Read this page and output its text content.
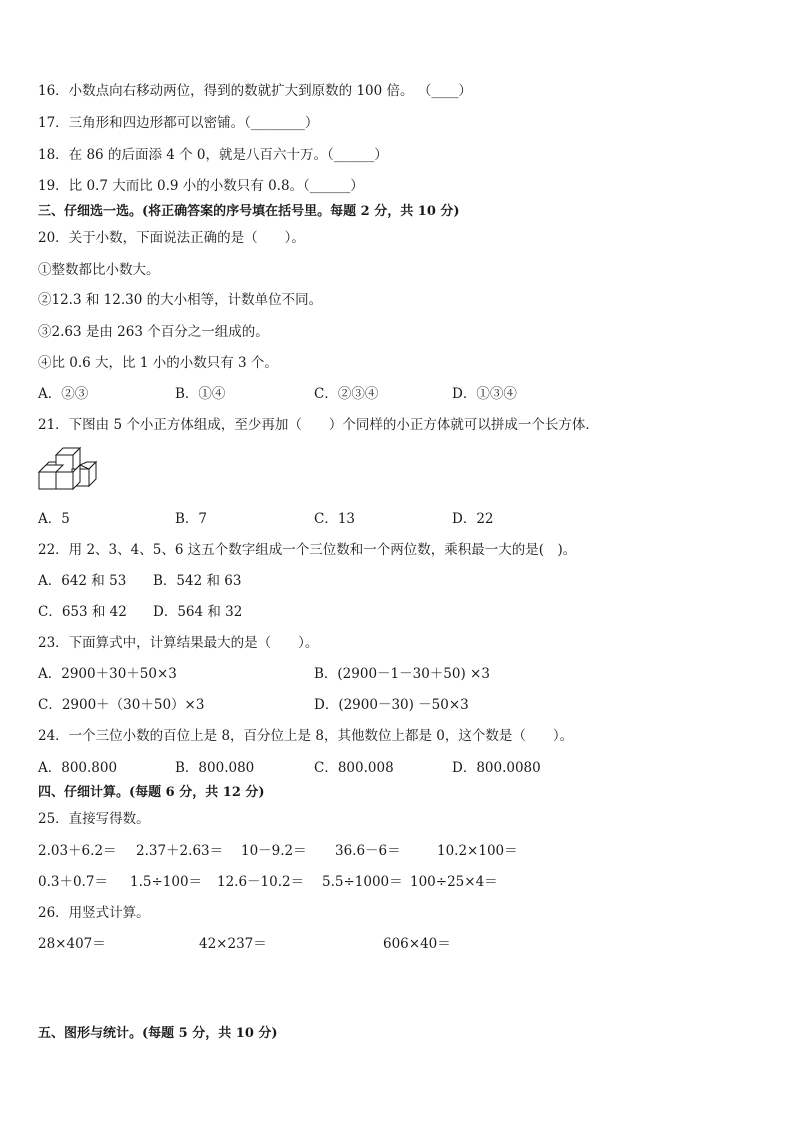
16．小数点向右移动两位，得到的数就扩大到原数的 100 倍。 （____）
17．三角形和四边形都可以密铺。（________）
18．在 86 的后面添 4 个 0，就是八百六十万。（______）
19．比 0.7 大而比 0.9 小的小数只有 0.8。（______）
三、仔细选一选。(将正确答案的序号填在括号里。每题 2 分，共 10 分)
20．关于小数，下面说法正确的是（　　）。
①整数都比小数大。
②12.3 和 12.30 的大小相等，计数单位不同。
③2.63 是由 263 个百分之一组成的。
④比 0.6 大，比 1 小的小数只有 3 个。
A．②③	B．①④	C．②③④	D．①③④
21．下图由 5 个小正方体组成，至少再加（　　）个同样的小正方体就可以拼成一个长方体．
A．5	B．7	C．13	D．22
22．用 2、3、4、5、6 这五个数字组成一个三位数和一个两位数，乘积最一大的是(　)。
A．642 和 53 B．542 和 63
C．653 和 42 D．564 和 32
23．下面算式中，计算结果最大的是（　　）。
A．2900＋30＋50×3	B．(2900－1－30＋50) ×3
C．2900＋（30＋50）×3	D．(2900－30) －50×3
24．一个三位小数的百位上是 8，百分位上是 8，其他数位上都是 0，这个数是（　　）。
A．800.800	B．800.080	C．800.008	D．800.0080
四、仔细计算。(每题 6 分，共 12 分)
25．直接写得数。
2.03＋6.2＝ 2.37＋2.63＝ 10－9.2＝ 36.6－6＝	10.2×100＝
0.3＋0.7＝ 1.5÷100＝ 12.6－10.2＝ 5.5÷1000＝ 100÷25×4＝
26．用竖式计算。
28×407＝	42×237＝	606×40＝
五、图形与统计。(每题 5 分，共 10 分)
